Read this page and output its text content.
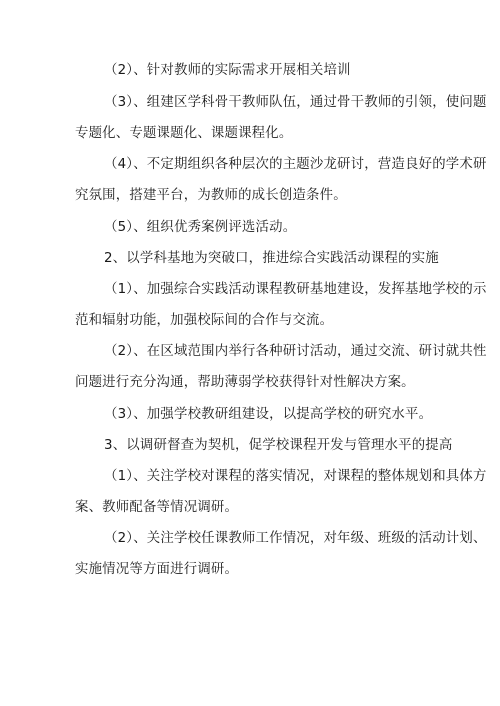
（2）、针对教师的实际需求开展相关培训
（3）、组建区学科骨干教师队伍，通过骨干教师的引领，使问题
专题化、专题课题化、课题课程化。
（4）、不定期组织各种层次的主题沙龙研讨，营造良好的学术研
究氛围，搭建平台，为教师的成长创造条件。
（5）、组织优秀案例评选活动。
2、以学科基地为突破口，推进综合实践活动课程的实施
（1）、加强综合实践活动课程教研基地建设，发挥基地学校的示
范和辐射功能，加强校际间的合作与交流。
（2）、在区域范围内举行各种研讨活动，通过交流、研讨就共性
问题进行充分沟通，帮助薄弱学校获得针对性解决方案。
（3）、加强学校教研组建设，以提高学校的研究水平。
3、以调研督查为契机，促学校课程开发与管理水平的提高
（1）、关注学校对课程的落实情况，对课程的整体规划和具体方
案、教师配备等情况调研。
（2）、关注学校任课教师工作情况，对年级、班级的活动计划、
实施情况等方面进行调研。
